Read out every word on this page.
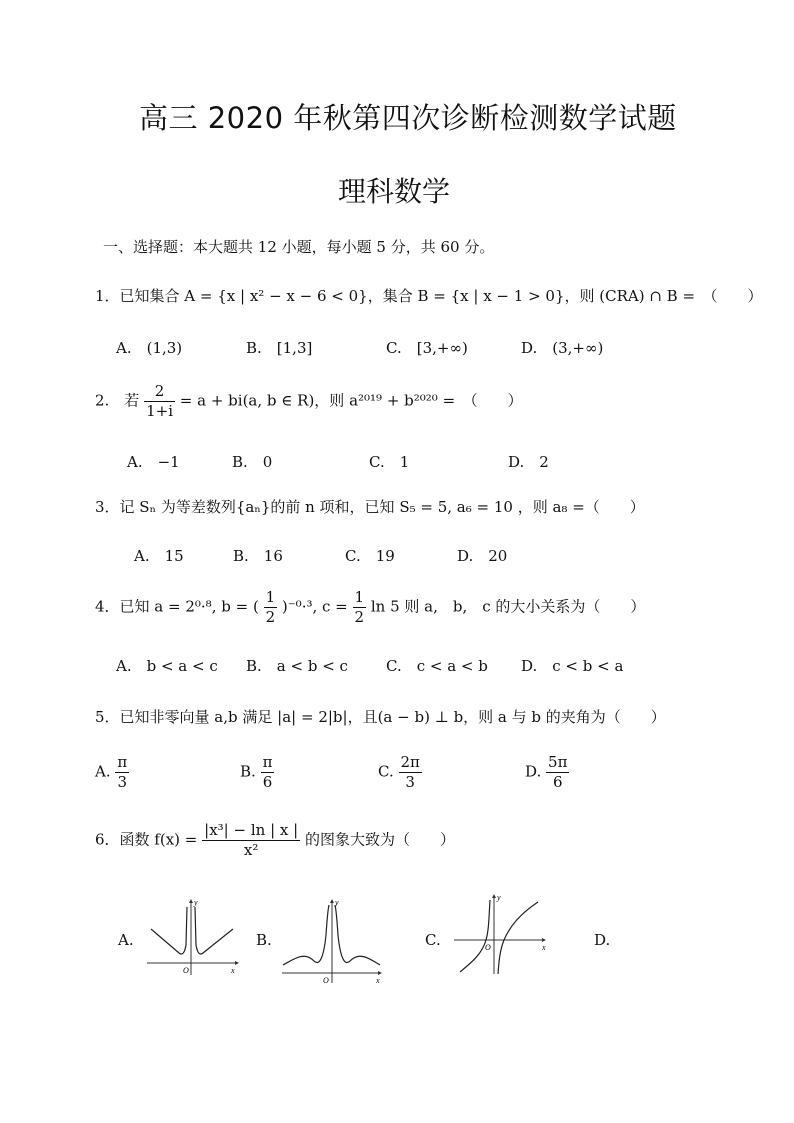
高三 2020 年秋第四次诊断检测数学试题
理科数学
一、选择题：本大题共 12 小题，每小题 5 分，共 60 分。
1．已知集合 A = {x | x² − x − 6 < 0}，集合 B = {x | x − 1 > 0}，则 (CRA) ∩ B =　（　　）
A.　(1,3)	B.　[1,3]	C.　[3,+∞)	D.　(3,+∞)
2.　若 $\frac{2}{1+i} = a + bi(a$, b ∈ R)，则 a²⁰¹⁹ + b²⁰²⁰ =　（　　）
A.　−1	B.　0	C.　1	D.　2
3．记 Sₙ 为等差数列{aₙ}的前 n 项和，已知 S₅ = 5, a₆ = 10 ，则 a₈ =（　　）
A.　15	B.　16	C.　19	D.　20
4．已知 a = 2⁰·⁸, b = ( $\frac{1}{2} )^{-0}\cdot^3$, $c = \frac{1}{2}$ ln 5 则 a,　b,　c 的大小关系为（　　）
A.　b < a < c B.　a < b < c	C.　c < a < b D.　c < b < a
5．已知非零向量 a,b 满足 |a| = 2|b|，且(a − b) ⊥ b，则 a 与 b 的夹角为（　　）
A. $\frac{\pi}{3}$	B. $\frac{\pi}{6}$	C. $\frac{2\pi}{3}$	D. $\frac{5\pi}{6}$
6．函数 $f(x) = \frac{\text{|x³| − ln | x |}}{\text{x²}}$ 的图象大致为（　　）
A.	B.	C.	D.
x
y
O
x
y
O
x
y
O
